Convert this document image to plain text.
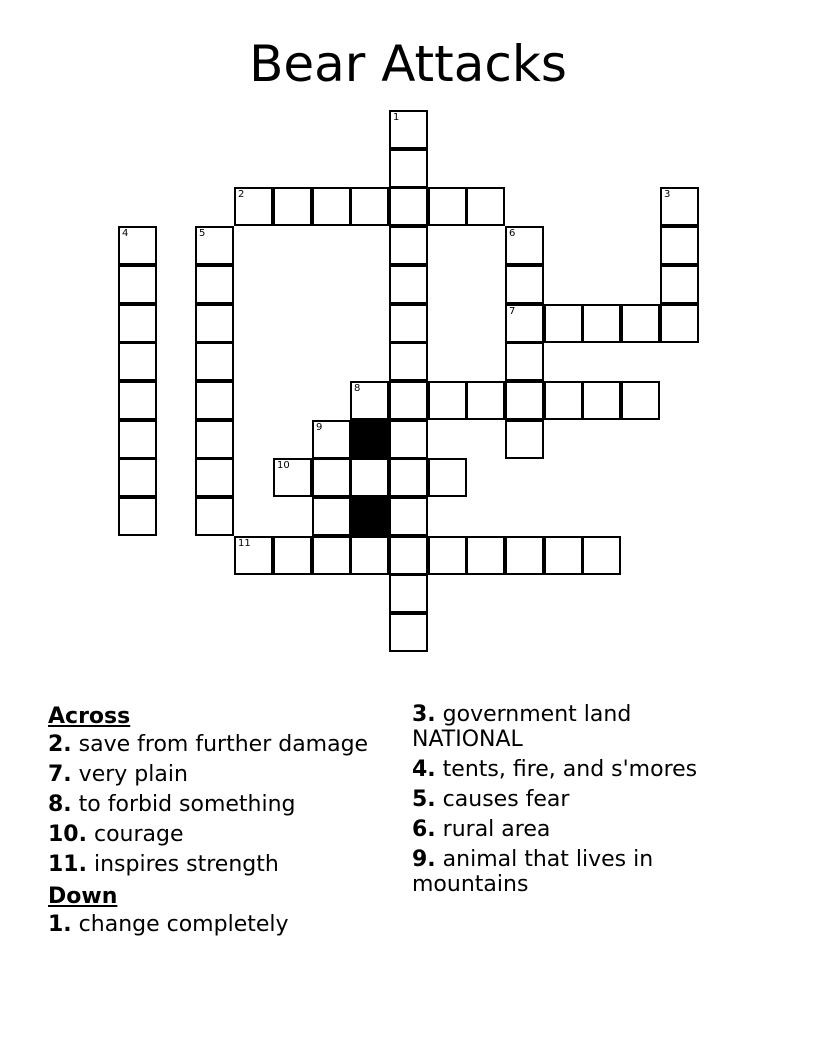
Bear Attacks
1
2	3
4	5	6
7
8
9
10
11
Across
2. save from further damage
7. very plain
8. to forbid something
10. courage
11. inspires strength
Down
1. change completely
3. government land NATIONAL
4. tents, fire, and s'mores
5. causes fear
6. rural area
9. animal that lives in mountains
